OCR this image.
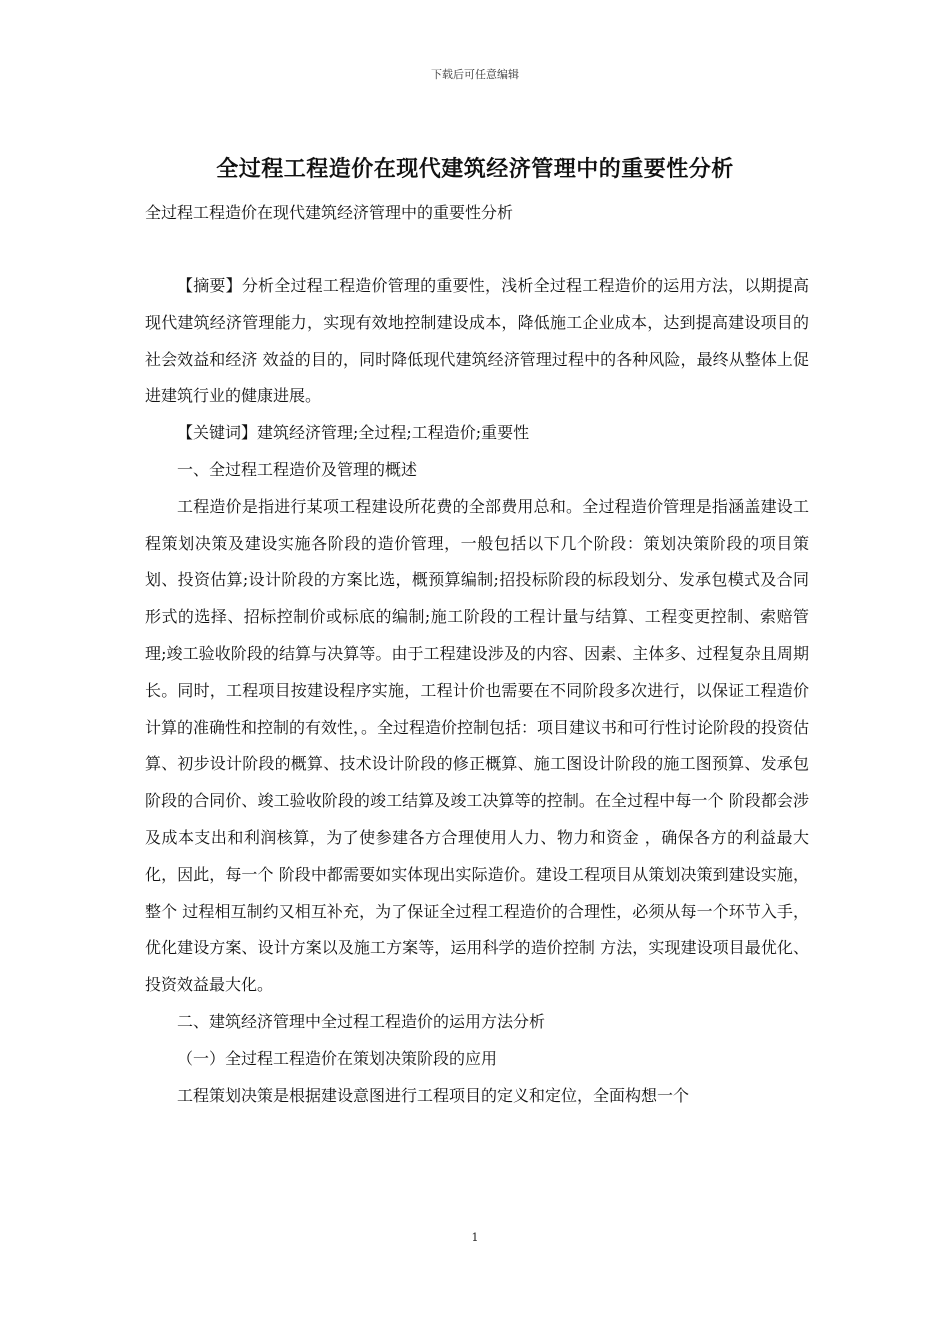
下载后可任意编辑
全过程工程造价在现代建筑经济管理中的重要性分析
全过程工程造价在现代建筑经济管理中的重要性分析

【摘要】分析全过程工程造价管理的重要性，浅析全过程工程造价的运用方法，以期提高现代建筑经济管理能力，实现有效地控制建设成本，降低施工企业成本，达到提高建设项目的社会效益和经济 效益的目的，同时降低现代建筑经济管理过程中的各种风险，最终从整体上促进建筑行业的健康进展。

【关键词】建筑经济管理;全过程;工程造价;重要性

一、全过程工程造价及管理的概述

工程造价是指进行某项工程建设所花费的全部费用总和。全过程造价管理是指涵盖建设工程策划决策及建设实施各阶段的造价管理，一般包括以下几个阶段：策划决策阶段的项目策划、投资估算;设计阶段的方案比选，概预算编制;招投标阶段的标段划分、发承包模式及合同形式的选择、招标控制价或标底的编制;施工阶段的工程计量与结算、工程变更控制、索赔管理;竣工验收阶段的结算与决算等。由于工程建设涉及的内容、因素、主体多、过程复杂且周期长。同时，工程项目按建设程序实施，工程计价也需要在不同阶段多次进行，以保证工程造价计算的准确性和控制的有效性，。全过程造价控制包括：项目建议书和可行性讨论阶段的投资估算、初步设计阶段的概算、技术设计阶段的修正概算、施工图设计阶段的施工图预算、发承包阶段的合同价、竣工验收阶段的竣工结算及竣工决算等的控制。在全过程中每一个 阶段都会涉及成本支出和利润核算，为了使参建各方合理使用人力、物力和资金 ，确保各方的利益最大化，因此，每一个 阶段中都需要如实体现出实际造价。建设工程项目从策划决策到建设实施，整个 过程相互制约又相互补充，为了保证全过程工程造价的合理性，必须从每一个环节入手，优化建设方案、设计方案以及施工方案等，运用科学的造价控制 方法，实现建设项目最优化、投资效益最大化。

二、建筑经济管理中全过程工程造价的运用方法分析

（一）全过程工程造价在策划决策阶段的应用

工程策划决策是根据建设意图进行工程项目的定义和定位，全面构想一个

1
